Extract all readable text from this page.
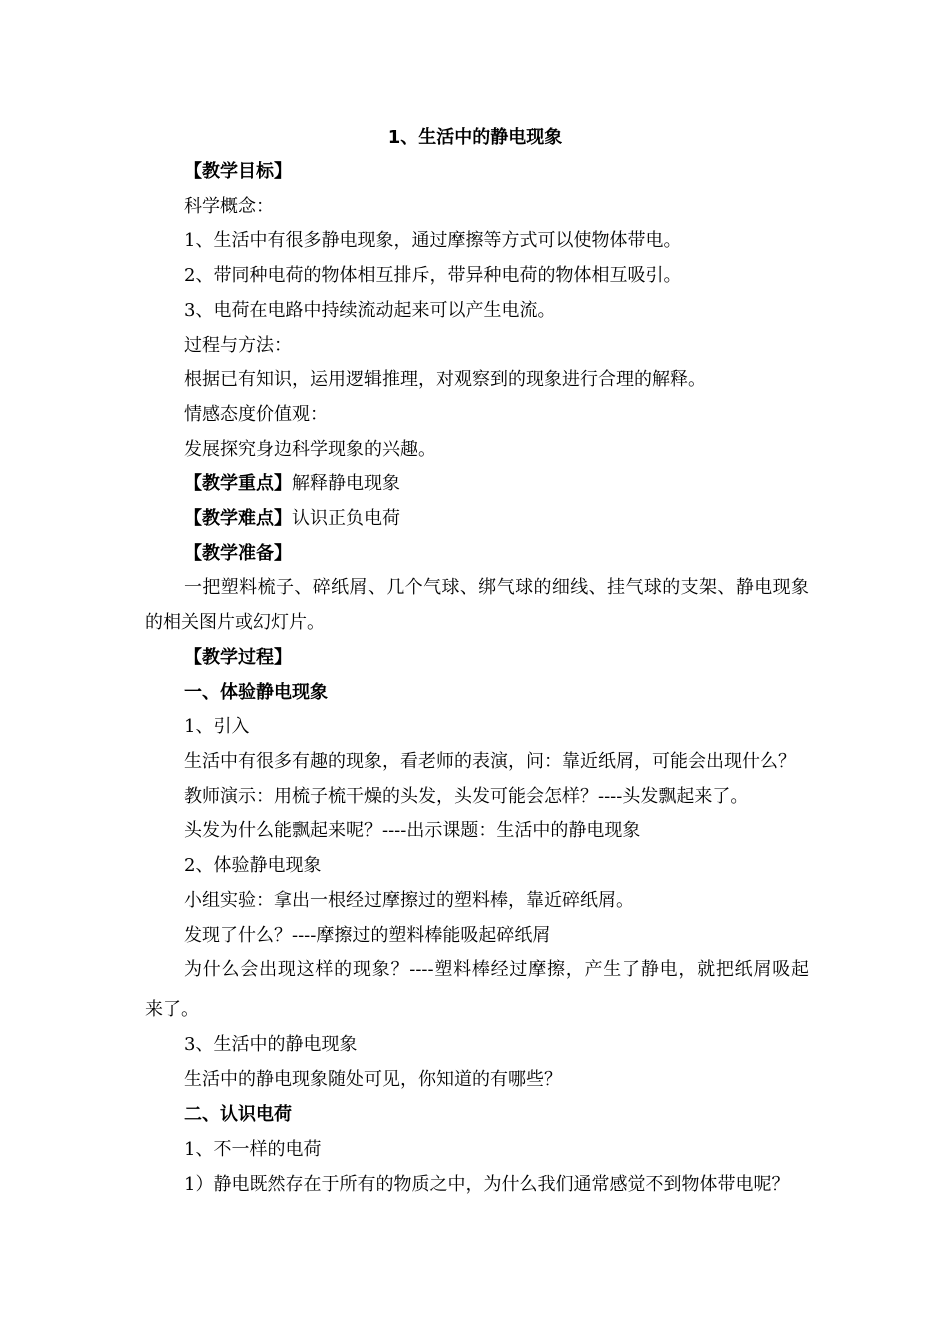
1、生活中的静电现象
【教学目标】
科学概念：
1、生活中有很多静电现象，通过摩擦等方式可以使物体带电。
2、带同种电荷的物体相互排斥，带异种电荷的物体相互吸引。
3、电荷在电路中持续流动起来可以产生电流。
过程与方法：
根据已有知识，运用逻辑推理，对观察到的现象进行合理的解释。
情感态度价值观：
发展探究身边科学现象的兴趣。
【教学重点】解释静电现象
【教学难点】认识正负电荷
【教学准备】
一把塑料梳子、碎纸屑、几个气球、绑气球的细线、挂气球的支架、静电现象
的相关图片或幻灯片。
【教学过程】
一、体验静电现象
1、引入
生活中有很多有趣的现象，看老师的表演，问：靠近纸屑，可能会出现什么？
教师演示：用梳子梳干燥的头发，头发可能会怎样？----头发飘起来了。
头发为什么能飘起来呢？----出示课题：生活中的静电现象
2、体验静电现象
小组实验：拿出一根经过摩擦过的塑料棒，靠近碎纸屑。
发现了什么？----摩擦过的塑料棒能吸起碎纸屑
为什么会出现这样的现象？----塑料棒经过摩擦，产生了静电，就把纸屑吸起
来了。
3、生活中的静电现象
生活中的静电现象随处可见，你知道的有哪些？
二、认识电荷
1、不一样的电荷
1）静电既然存在于所有的物质之中，为什么我们通常感觉不到物体带电呢？
